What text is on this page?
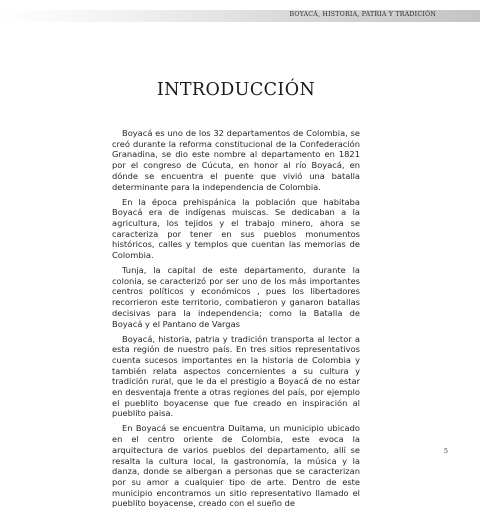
BOYACÁ, HISTORIA, PATRIA Y TRADICIÓN
INTRODUCCIÓN

Boyacá es uno de los 32 departamentos de Colombia, se creó durante la reforma constitucional de la Confederación Granadina, se dio este nombre al departamento en 1821 por el congreso de Cúcuta, en honor al río Boyacá, en dónde se encuentra el puente que vivió una batalla determinante para la independencia de Colombia.

En la época prehispánica la población que habitaba Boyacá era de indígenas muiscas. Se dedicaban a la agricultura, los tejidos y el trabajo minero, ahora se caracteriza por tener en sus pueblos monumentos históricos, calles y templos que cuentan las memorias de Colombia.

Tunja, la capital de este departamento, durante la colonia, se caracterizó por ser uno de los más importantes centros políticos y económicos , pues los libertadores recorrieron este territorio, combatieron y ganaron batallas decisivas para la independencia; como la Batalla de Boyacá y el Pantano de Vargas

Boyacá, historia, patria y tradición transporta al lector a esta región de nuestro país. En tres sitios representativos cuenta sucesos importantes en la historia de Colombia y también relata aspectos concernientes a su cultura y tradición rural, que le da el prestigio a Boyacá de no estar en desventaja frente a otras regiones del país, por ejemplo el pueblito boyacense que fue creado en inspiración al pueblito paisa.

En Boyacá se encuentra Duitama, un municipio ubicado en el centro oriente de Colombia, este evoca la arquitectura de varios pueblos del departamento, allí se resalta la cultura local, la gastronomía, la música y la danza, donde se albergan a personas que se caracterizan por su amor a cualquier tipo de arte. Dentro de este municipio encontramos un sitio representativo llamado el pueblito boyacense, creado con el sueño de

5
